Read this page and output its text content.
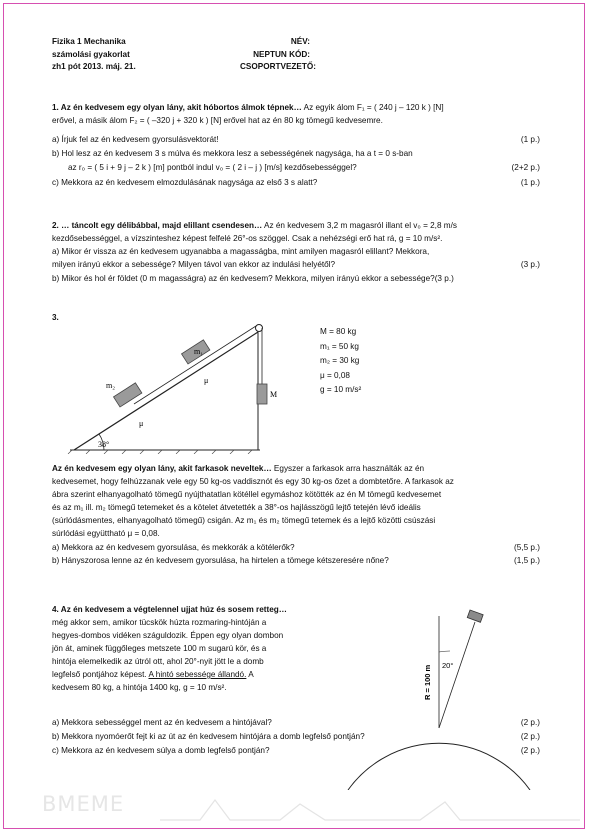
Fizika 1 Mechanika
számolási gyakorlat
zh1 pót 2013. máj. 21.
NÉV:
NEPTUN KÓD:
CSOPORTVEZETŐ:
1. Az én kedvesem egy olyan lány, akit hóbortos álmok tépnek… Az egyik álom F₁ = ( 240 j – 120 k ) [N]
erővel, a másik álom F₂ = ( –320 j + 320 k ) [N] erővel hat az én 80 kg tömegű kedvesemre.
a) Írjuk fel az én kedvesem gyorsulásvektorát!	(1 p.)
b) Hol lesz az én kedvesem 3 s múlva és mekkora lesz a sebességének nagysága, ha a t = 0 s-ban
az r₀ = ( 5 i + 9 j – 2 k ) [m] pontból indul v₀ = ( 2 i – j ) [m/s] kezdősebességgel?	(2+2 p.)
c) Mekkora az én kedvesem elmozdulásának nagysága az első 3 s alatt?	(1 p.)
2. … táncolt egy délibábbal, majd elillant csendesen… Az én kedvesem 3,2 m magasról illant el v₀ = 2,8 m/s
kezdősebességgel, a vízszinteshez képest felfelé 26°-os szöggel. Csak a nehézségi erő hat rá, g = 10 m/s².
a) Mikor ér vissza az én kedvesem ugyanabba a magasságba, mint amilyen magasról elillant? Mekkora,
milyen irányú ekkor a sebessége? Milyen távol van ekkor az indulási helyétől?	(3 p.)
b) Mikor és hol ér földet (0 m magasságra) az én kedvesem? Mekkora, milyen irányú ekkor a sebessége?(3 p.)
3.
38°
m₂
μ
m₁
μ
M
M = 80 kg
m₁ = 50 kg
m₂ = 30 kg
μ = 0,08
g = 10 m/s²
Az én kedvesem egy olyan lány, akit farkasok neveltek… Egyszer a farkasok arra használták az én
kedvesemet, hogy felhúzzanak vele egy 50 kg-os vaddisznót és egy 30 kg-os őzet a dombtetőre. A farkasok az
ábra szerint elhanyagolható tömegű nyújthatatlan kötéllel egymáshoz kötötték az én M tömegű kedvesemet
és az m₁ ill. m₂ tömegű tetemeket és a kötelet átvetették a 38°-os hajlásszögű lejtő tetején lévő ideális
(súrlódásmentes, elhanyagolható tömegű) csigán. Az m₁ és m₂ tömegű tetemek és a lejtő közötti csúszási
súrlódási együttható μ = 0,08.
a) Mekkora az én kedvesem gyorsulása, és mekkorák a kötélerők?	(5,5 p.)
b) Hányszorosa lenne az én kedvesem gyorsulása, ha hirtelen a tömege kétszeresére nőne?	(1,5 p.)
4. Az én kedvesem a végtelennel ujjat húz és sosem retteg…
még akkor sem, amikor tücskök húzta rozmaring-hintóján a
hegyes-dombos vidéken száguldozik. Éppen egy olyan dombon
jön át, aminek függőleges metszete 100 m sugarú kör, és a
hintója elemelkedik az útról ott, ahol 20°-nyit jött le a domb
legfelső pontjához képest. A hintó sebessége állandó. A
kedvesem 80 kg, a hintója 1400 kg, g = 10 m/s².
20°
R = 100 m
a) Mekkora sebességgel ment az én kedvesem a hintójával?	(2 p.)
b) Mekkora nyomóerőt fejt ki az út az én kedvesem hintójára a domb legfelső pontján?	(2 p.)
c) Mekkora az én kedvesem súlya a domb legfelső pontján?	(2 p.)
BMEME
